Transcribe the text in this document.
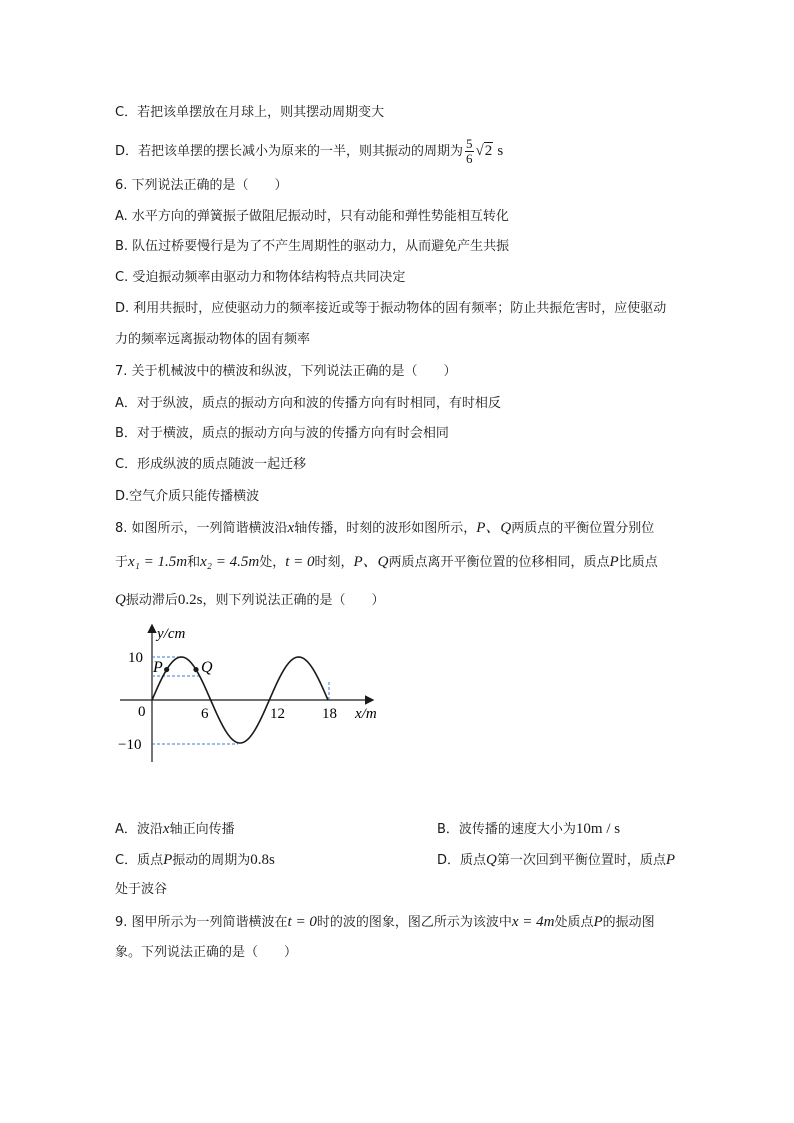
C．若把该单摆放在月球上，则其摆动周期变大
D．若把该单摆的摆长减小为原来的一半，则其振动的周期为 $\frac{5}{6} √2$ s
6. 下列说法正确的是（　　）
A. 水平方向的弹簧振子做阻尼振动时，只有动能和弹性势能相互转化
B. 队伍过桥要慢行是为了不产生周期性的驱动力，从而避免产生共振
C. 受迫振动频率由驱动力和物体结构特点共同决定
D. 利用共振时，应使驱动力的频率接近或等于振动物体的固有频率；防止共振危害时，应使驱动
力的频率远离振动物体的固有频率
7. 关于机械波中的横波和纵波，下列说法正确的是（　　）
A．对于纵波，质点的振动方向和波的传播方向有时相同，有时相反
B．对于横波，质点的振动方向与波的传播方向有时会相同
C．形成纵波的质点随波一起迁移
D.空气介质只能传播横波
8. 如图所示，一列简谐横波沿x轴传播，时刻的波形如图所示，P、Q两质点的平衡位置分别位
于x₁ = 1.5m和x₂ = 4.5m处，t = 0时刻，P、Q两质点离开平衡位置的位移相同，质点P比质点
Q振动滞后0.2s，则下列说法正确的是（　　）
y/cm
x/m
0
10
−10
6	12 18
P Q
A．波沿x轴正向传播	B．波传播的速度大小为10m / s
C．质点P振动的周期为0.8s	D．质点Q第一次回到平衡位置时，质点P
处于波谷
9. 图甲所示为一列简谐横波在t = 0时的波的图象，图乙所示为该波中x = 4m处质点P的振动图
象。下列说法正确的是（　　）
